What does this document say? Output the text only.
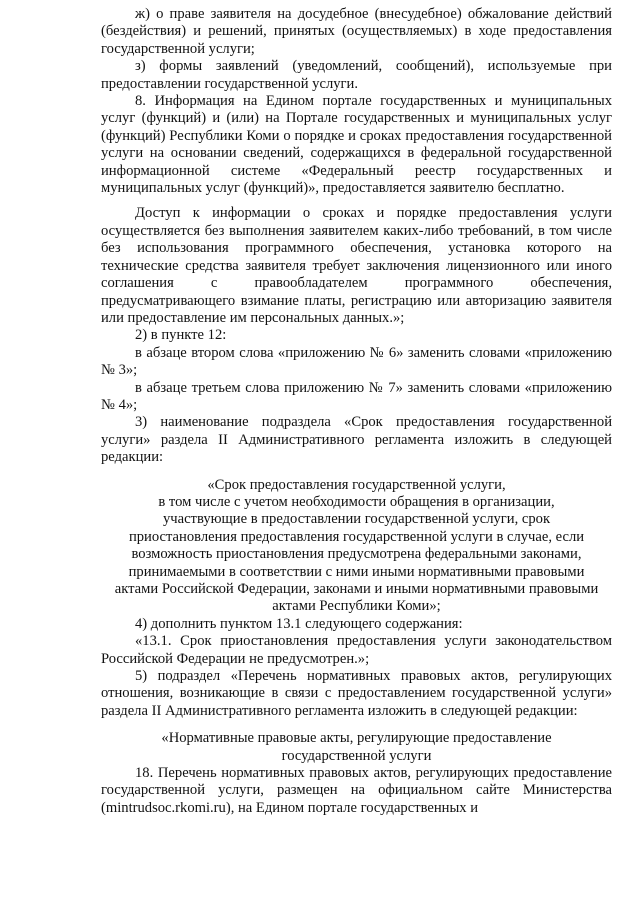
ж) о праве заявителя на досудебное (внесудебное) обжалование действий (бездействия) и решений, принятых (осуществляемых) в ходе предоставления государственной услуги;

з) формы заявлений (уведомлений, сообщений), используемые при предоставлении государственной услуги.

8. Информация на Едином портале государственных и муниципальных услуг (функций) и (или) на Портале государственных и муниципальных услуг (функций) Республики Коми о порядке и сроках предоставления государственной услуги на основании сведений, содержащихся в федеральной государственной информационной системе «Федеральный реестр государственных и муниципальных услуг (функций)», предоставляется заявителю бесплатно.

Доступ к информации о сроках и порядке предоставления услуги осуществляется без выполнения заявителем каких-либо требований, в том числе без использования программного обеспечения, установка которого на технические средства заявителя требует заключения лицензионного или иного соглашения с правообладателем программного обеспечения, предусматривающего взимание платы, регистрацию или авторизацию заявителя или предоставление им персональных данных.»;

2) в пункте 12:

в абзаце втором слова «приложению № 6» заменить словами «приложению № 3»;

в абзаце третьем слова приложению № 7» заменить словами «приложению № 4»;

3) наименование подраздела «Срок предоставления государственной услуги» раздела II Административного регламента изложить в следующей редакции:

«Срок предоставления государственной услуги,

в том числе с учетом необходимости обращения в организации,

участвующие в предоставлении государственной услуги, срок

приостановления предоставления государственной услуги в случае, если

возможность приостановления предусмотрена федеральными законами,

принимаемыми в соответствии с ними иными нормативными правовыми

актами Российской Федерации, законами и иными нормативными правовыми

актами Республики Коми»;

4) дополнить пунктом 13.1 следующего содержания:

«13.1. Срок приостановления предоставления услуги законодательством Российской Федерации не предусмотрен.»;

5) подраздел «Перечень нормативных правовых актов, регулирующих отношения, возникающие в связи с предоставлением государственной услуги» раздела II Административного регламента изложить в следующей редакции:

«Нормативные правовые акты, регулирующие предоставление

государственной услуги

18. Перечень нормативных правовых актов, регулирующих предоставление государственной услуги, размещен на официальном сайте Министерства (mintrudsoc.rkomi.ru), на Едином портале государственных и
